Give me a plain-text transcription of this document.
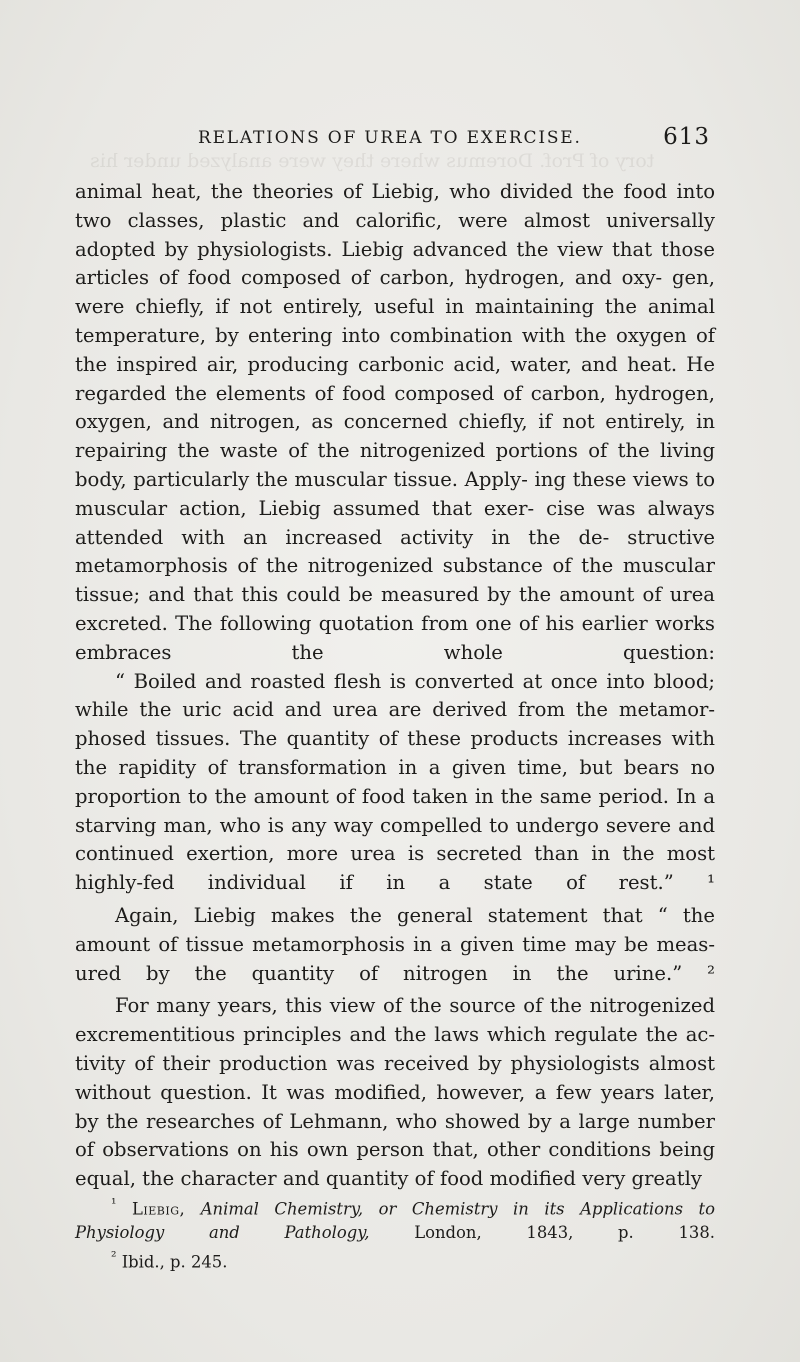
tory of Prof. Doremus where they were analyzed under his
RELATIONS OF UREA TO EXERCISE.	613

animal heat, the theories of Liebig, who divided the food into two classes, plastic and calorific, were almost universally adopted by physiologists. Liebig advanced the view that those articles of food composed of carbon, hydrogen, and oxy- gen, were chiefly, if not entirely, useful in maintaining the animal temperature, by entering into combination with the oxygen of the inspired air, producing carbonic acid, water, and heat. He regarded the elements of food composed of carbon, hydrogen, oxygen, and nitrogen, as concerned chiefly, if not entirely, in repairing the waste of the nitrogenized portions of the living body, particularly the muscular tissue. Apply- ing these views to muscular action, Liebig assumed that exer- cise was always attended with an increased activity in the de- structive metamorphosis of the nitrogenized substance of the muscular tissue; and that this could be measured by the amount of urea excreted. The following quotation from one of his earlier works embraces the whole question:

“ Boiled and roasted flesh is converted at once into blood; while the uric acid and urea are derived from the metamor- phosed tissues. The quantity of these products increases with the rapidity of transformation in a given time, but bears no proportion to the amount of food taken in the same period. In a starving man, who is any way compelled to undergo severe and continued exertion, more urea is secreted than in the most highly-fed individual if in a state of rest.” ¹

Again, Liebig makes the general statement that “ the amount of tissue metamorphosis in a given time may be meas- ured by the quantity of nitrogen in the urine.” ²

For many years, this view of the source of the nitrogenized excrementitious principles and the laws which regulate the ac- tivity of their production was received by physiologists almost without question. It was modified, however, a few years later, by the researches of Lehmann, who showed by a large number of observations on his own person that, other conditions being equal, the character and quantity of food modified very greatly

$^{^1}$ Liebig, Animal Chemistry, or Chemistry in its Applications to Physiology and Pathology,	London, 1843, p. 138.

$^{^2}$ Ibid., p. 245.
